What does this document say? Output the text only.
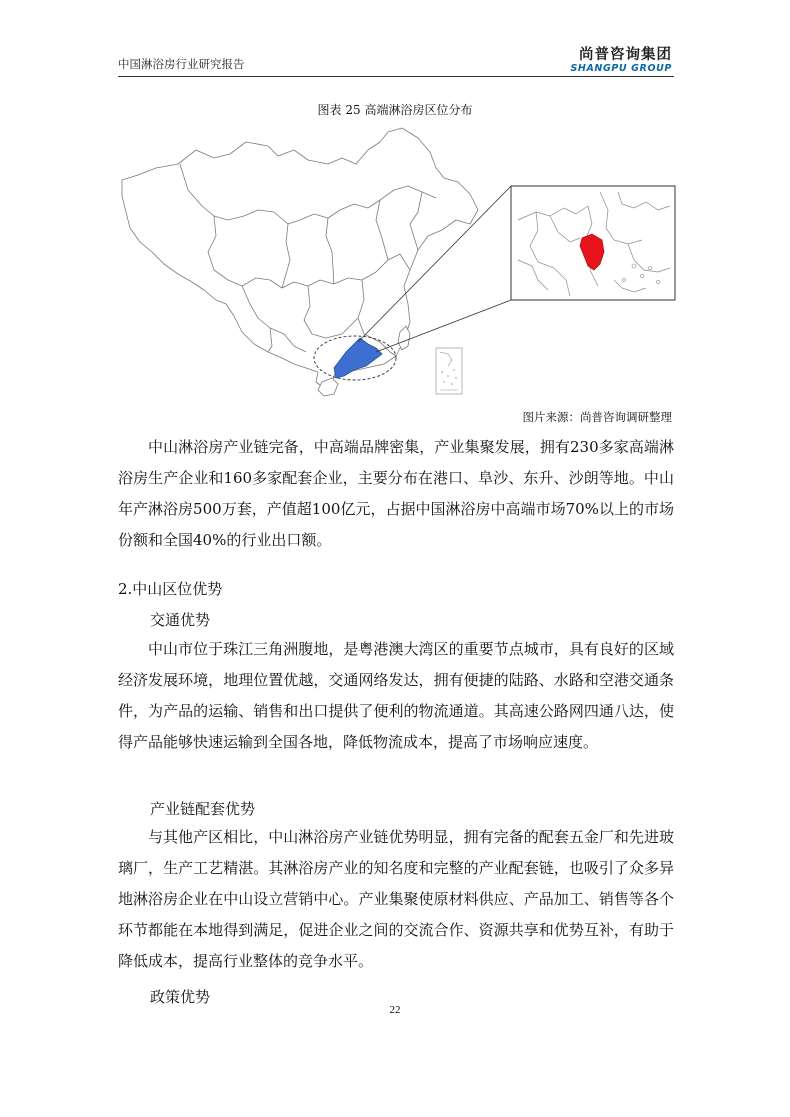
中国淋浴房行业研究报告
尚普咨询集团
SHANGPU GROUP
图表 25 高端淋浴房区位分布
图片来源：尚普咨询调研整理

中山淋浴房产业链完备，中高端品牌密集，产业集聚发展，拥有230多家高端淋浴房生产企业和160多家配套企业，主要分布在港口、阜沙、东升、沙朗等地。中山年产淋浴房500万套，产值超100亿元，占据中国淋浴房中高端市场70%以上的市场份额和全国40%的行业出口额。

2.中山区位优势
交通优势

中山市位于珠江三角洲腹地，是粤港澳大湾区的重要节点城市，具有良好的区域经济发展环境，地理位置优越，交通网络发达，拥有便捷的陆路、水路和空港交通条件，为产品的运输、销售和出口提供了便利的物流通道。其高速公路网四通八达，使得产品能够快速运输到全国各地，降低物流成本，提高了市场响应速度。

产业链配套优势

与其他产区相比，中山淋浴房产业链优势明显，拥有完备的配套五金厂和先进玻璃厂，生产工艺精湛。其淋浴房产业的知名度和完整的产业配套链，也吸引了众多异地淋浴房企业在中山设立营销中心。产业集聚使原材料供应、产品加工、销售等各个环节都能在本地得到满足，促进企业之间的交流合作、资源共享和优势互补，有助于降低成本，提高行业整体的竞争水平。

政策优势
22
